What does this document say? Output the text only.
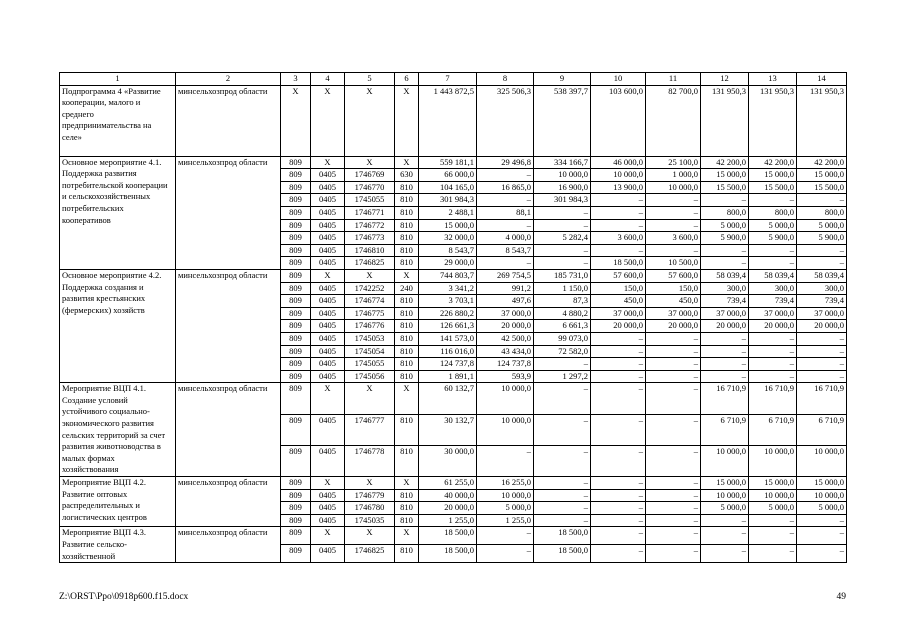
1	2	3	4	5	6	7	8	9	10	11	12	13	14
Подпрограмма 4 «Развитие кооперации, малого и среднего предпринимательства на селе»	минсельхозпрод области	Х	Х	Х	Х	1 443 872,5	325 506,3	538 397,7	103 600,0	82 700,0	131 950,3	131 950,3	131 950,3
Основное мероприятие 4.1. Поддержка развития потребительской кооперации и сельскохозяйственных потребительских кооперативов	минсельхозпрод области	809	Х	Х	Х	559 181,1	29 496,8	334 166,7	46 000,0	25 100,0	42 200,0	42 200,0	42 200,0
		809	0405	1746769	630	66 000,0	–	10 000,0	10 000,0	1 000,0	15 000,0	15 000,0	15 000,0
		809	0405	1746770	810	104 165,0	16 865,0	16 900,0	13 900,0	10 000,0	15 500,0	15 500,0	15 500,0
		809	0405	1745055	810	301 984,3	–	301 984,3	–	–	–	–	–
		809	0405	1746771	810	2 488,1	88,1	–	–	–	800,0	800,0	800,0
		809	0405	1746772	810	15 000,0	–	–	–	–	5 000,0	5 000,0	5 000,0
		809	0405	1746773	810	32 000,0	4 000,0	5 282,4	3 600,0	3 600,0	5 900,0	5 900,0	5 900,0
		809	0405	1746810	810	8 543,7	8 543,7	–	–	–	–	–	–
		809	0405	1746825	810	29 000,0	–	–	18 500,0	10 500,0	–	–	–
Основное мероприятие 4.2. Поддержка создания и развития крестьянских (фермерских) хозяйств	минсельхозпрод области	809	Х	Х	Х	744 803,7	269 754,5	185 731,0	57 600,0	57 600,0	58 039,4	58 039,4	58 039,4
		809	0405	1742252	240	3 341,2	991,2	1 150,0	150,0	150,0	300,0	300,0	300,0
		809	0405	1746774	810	3 703,1	497,6	87,3	450,0	450,0	739,4	739,4	739,4
		809	0405	1746775	810	226 880,2	37 000,0	4 880,2	37 000,0	37 000,0	37 000,0	37 000,0	37 000,0
		809	0405	1746776	810	126 661,3	20 000,0	6 661,3	20 000,0	20 000,0	20 000,0	20 000,0	20 000,0
		809	0405	1745053	810	141 573,0	42 500,0	99 073,0	–	–	–	–	–
		809	0405	1745054	810	116 016,0	43 434,0	72 582,0	–	–	–	–	–
		809	0405	1745055	810	124 737,8	124 737,8	–	–	–	–	–	–
		809	0405	1745056	810	1 891,1	593,9	1 297,2	–	–	–	–	–
Мероприятие ВЦП 4.1. Создание условий устойчивого социально-экономического развития сельских территорий за счет развития животноводства в малых формах хозяйствования	минсельхозпрод области	809	Х	Х	Х	60 132,7	10 000,0	–	–	–	16 710,9	16 710,9	16 710,9
		809	0405	1746777	810	30 132,7	10 000,0	–	–	–	6 710,9	6 710,9	6 710,9
		809	0405	1746778	810	30 000,0	–	–	–	–	10 000,0	10 000,0	10 000,0
Мероприятие ВЦП 4.2. Развитие оптовых распределительных и логистических центров	минсельхозпрод области	809	Х	Х	Х	61 255,0	16 255,0	–	–	–	15 000,0	15 000,0	15 000,0
		809	0405	1746779	810	40 000,0	10 000,0	–	–	–	10 000,0	10 000,0	10 000,0
		809	0405	1746780	810	20 000,0	5 000,0	–	–	–	5 000,0	5 000,0	5 000,0
		809	0405	1745035	810	1 255,0	1 255,0	–	–	–	–	–	–
Мероприятие ВЦП 4.3. Развитие сельско-хозяйственной	минсельхозпрод области	809	Х	Х	Х	18 500,0	–	18 500,0	–	–	–	–	–
		809	0405	1746825	810	18 500,0	–	18 500,0	–	–	–	–	–
Z:\ORST\Ppo\0918p600.f15.docx	49
